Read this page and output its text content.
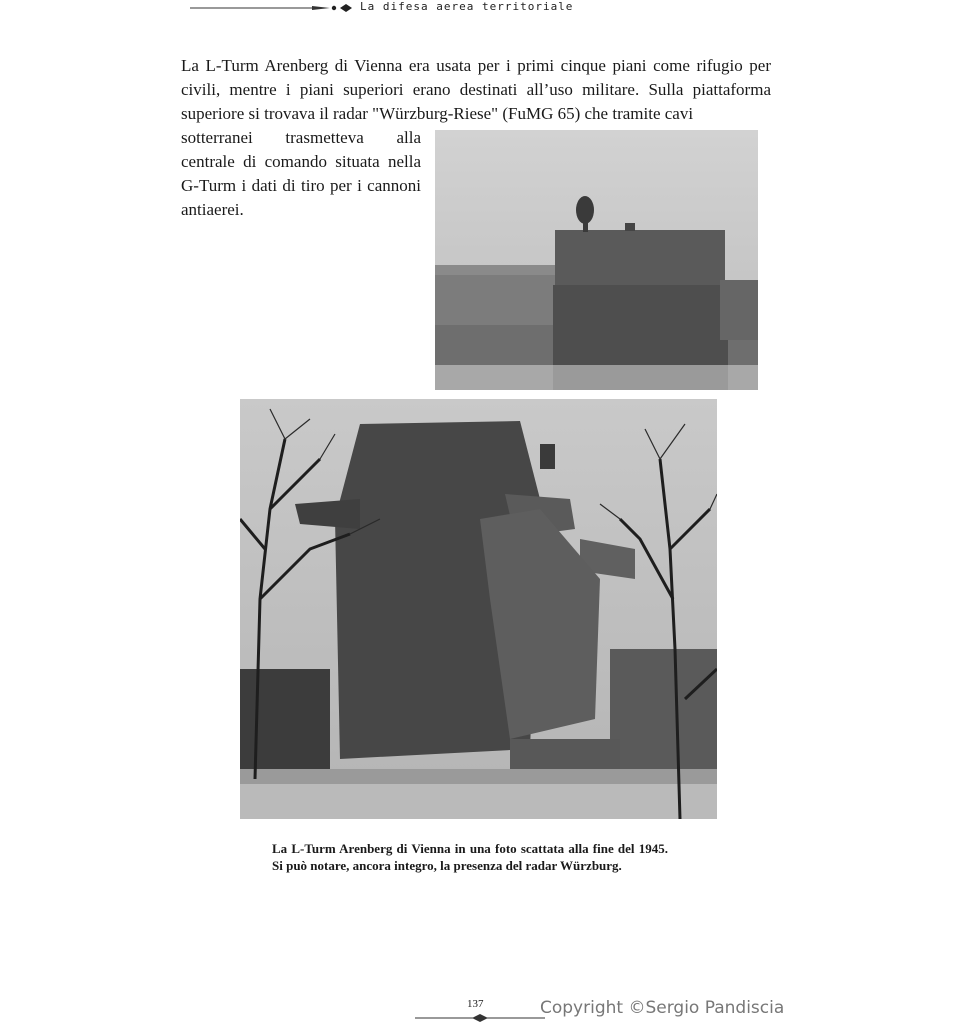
La difesa aerea territoriale

La L-Turm Arenberg di Vienna era usata per i primi cinque piani come rifugio per civili, mentre i piani superiori erano destinati all’uso militare. Sulla piattaforma superiore si trovava il radar "Würzburg-Riese" (FuMG 65) che tramite cavi

sotterranei trasmetteva alla centrale di comando situata nella G-Turm i dati di tiro per i cannoni antiaerei.

La L-Turm Arenberg di Vienna in una foto scattata alla fine del 1945. Si può notare, ancora integro, la presenza del radar Würzburg.

137	Copyright ©Sergio Pandiscia
